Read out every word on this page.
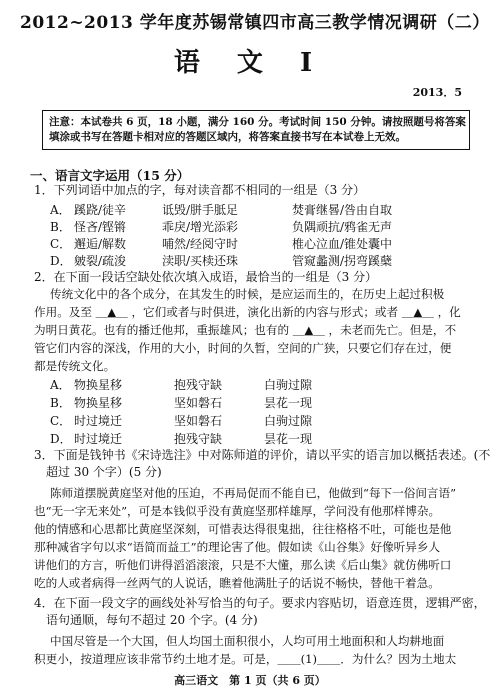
2012~2013 学年度苏锡常镇四市高三教学情况调研（二）
语 文 Ⅰ
2013．5
注意：本试卷共 6 页，18 小题，满分 160 分。考试时间 150 分钟。请按照题号将答案
填涂或书写在答题卡相对应的答题区域内，将答案直接书写在本试卷上无效。
一、语言文字运用（15 分）
1．下列词语中加点的字，每对读音都不相同的一组是（3 分）
A． 蹊跷/徒辛	诋毁/胼手胝足	焚膏继晷/咎由自取
B． 怪吝/铿锵	乖戾/增光添彩	负隅顽抗/鸦雀无声
C． 邂逅/解数	哺然/经阅守时	椎心泣血/锥处囊中
D． 皴裂/疏浚	渎职/买椟还珠	管窥蠡测/拐弯蹊蘖
2．在下面一段话空缺处依次填入成语，最恰当的一组是（3 分）
传统文化中的各个成分，在其发生的时候，是应运而生的，在历史上起过积极
作用。及至 ＿▲＿ ，它们或者与时俱进，演化出新的内容与形式；或者 ＿▲＿ ，化
为明日黄花。也有的播迁他邦，重振雄风；也有的 ＿▲＿ ，未老而先亡。但是，不
管它们内容的深浅，作用的大小，时间的久暂，空间的广狭，只要它们存在过，便
都是传统文化。
A． 物换星移	抱残守缺	白驹过隙
B． 物换星移	坚如磐石	昙花一现
C． 时过境迁	坚如磐石	白驹过隙
D． 时过境迁	抱残守缺	昙花一现
3．下面是钱钟书《宋诗选注》中对陈师道的评价，请以平实的语言加以概括表述。(不
超过 30 个字）(5 分)
陈师道摆脱黄庭坚对他的压迫，不再局促而不能自已，他做到“每下一俗间言语”
也“无一字无来处”，可是本钱似乎没有黄庭坚那样雄厚，学问没有他那样博杂。
他的情感和心思都比黄庭坚深刻，可惜表达得很鬼拙，往往格格不吐，可能也是他
那种减省字句以求“语简而益工”的理论害了他。假如读《山谷集》好像听异乡人
讲他们的方言，听他们讲得滔滔滚滚，只是不大懂，那么读《后山集》就仿佛听口
吃的人或者病得一丝两气的人说话，瞧着他满肚子的话说不畅快，替他干着急。
4．在下面一段文字的画线处补写恰当的句子。要求内容贴切，语意连贯，逻辑严密，
语句通顺，每句不超过 20 个字。(4 分)
中国尽管是一个大国，但人均国土面积很小，人均可用土地面积和人均耕地面
积更小，按道理应该非常节约土地才是。可是，＿＿(1)＿＿．为什么？因为土地太
高三语文　第 1 页（共 6 页）
